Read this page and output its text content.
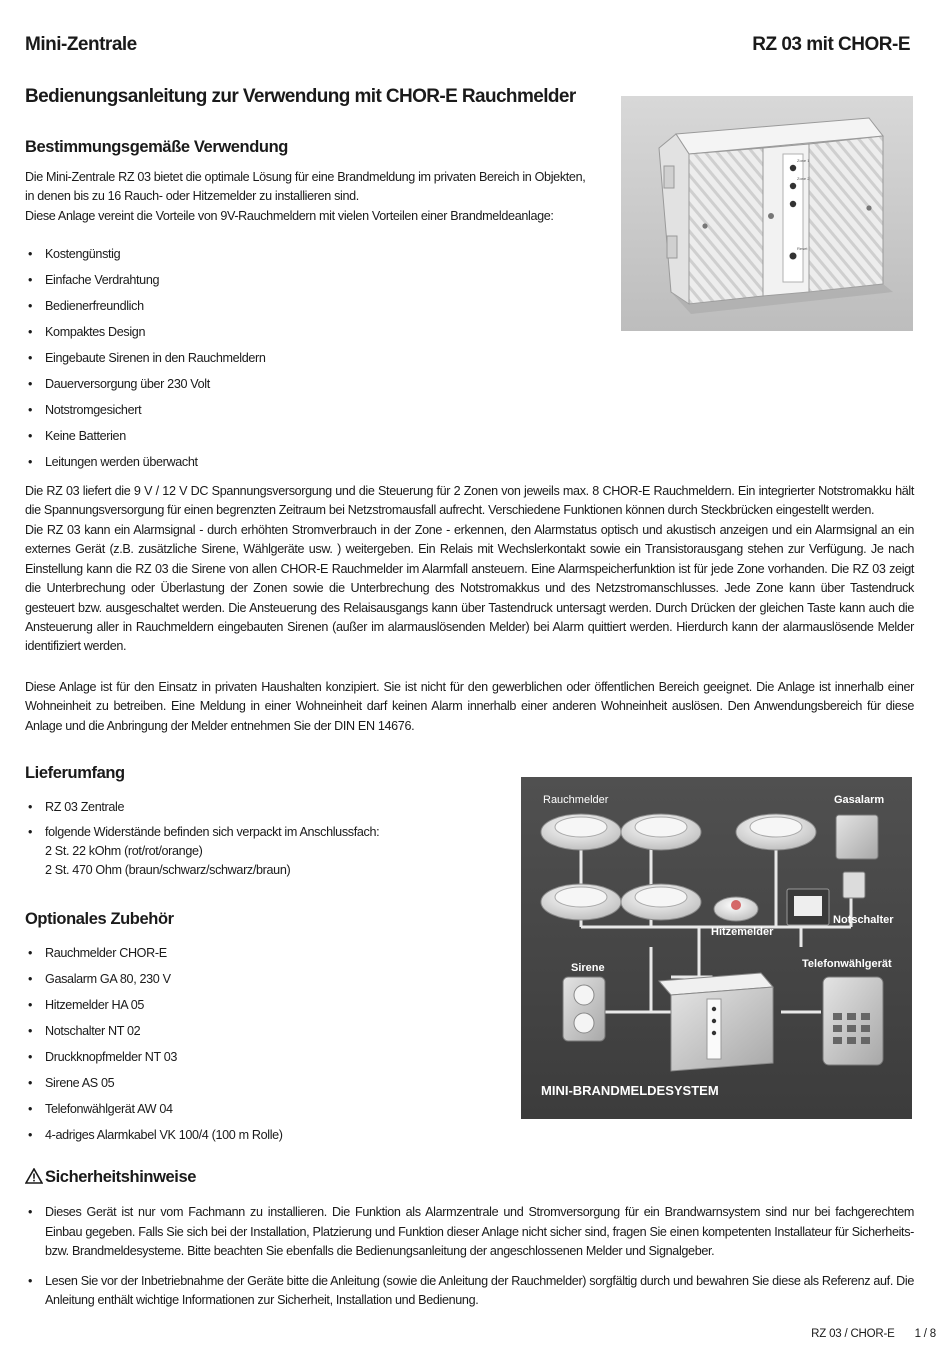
Mini-Zentrale	RZ 03 mit CHOR-E
Bedienungsanleitung zur Verwendung mit CHOR-E Rauchmelder
Bestimmungsgemäße Verwendung
Die Mini-Zentrale RZ 03 bietet die optimale Lösung für eine Brandmeldung im privaten Bereich in Objekten,
in denen bis zu 16 Rauch- oder Hitzemelder zu installieren sind.
Diese Anlage vereint die Vorteile von 9V-Rauchmeldern mit vielen Vorteilen einer Brandmeldeanlage:
• Kostengünstig
• Einfache Verdrahtung
• Bedienerfreundlich
• Kompaktes Design
• Eingebaute Sirenen in den Rauchmeldern
• Dauerversorgung über 230 Volt
• Notstromgesichert
• Keine Batterien
• Leitungen werden überwacht
Zone 1
Zone 2
Reset
Die RZ 03 liefert die 9 V / 12 V DC Spannungsversorgung und die Steuerung für 2 Zonen von jeweils max. 8 CHOR-E Rauchmeldern. Ein integrierter Notstromakku hält die Spannungsversorgung für einen begrenzten Zeitraum bei Netzstromausfall aufrecht. Verschiedene Funktionen können durch Steckbrücken eingestellt werden.
Die RZ 03 kann ein Alarmsignal - durch erhöhten Stromverbrauch in der Zone - erkennen, den Alarmstatus optisch und akustisch anzeigen und ein Alarmsignal an ein externes Gerät (z.B. zusätzliche Sirene, Wählgeräte usw. ) weitergeben. Ein Relais mit Wechslerkontakt sowie ein Transistorausgang stehen zur Verfügung. Je nach Einstellung kann die RZ 03 die Sirene von allen CHOR-E Rauchmelder im Alarmfall ansteuern. Eine Alarmspeicherfunktion ist für jede Zone vorhanden. Die RZ 03 zeigt die Unterbrechung oder Überlastung der Zonen sowie die Unterbrechung des Notstromakkus und des Netzstromanschlusses. Jede Zone kann über Tastendruck gesteuert bzw. ausgeschaltet werden. Die Ansteuerung des Relaisausgangs kann über Tastendruck untersagt werden. Durch Drücken der gleichen Taste kann auch die Ansteuerung aller in Rauchmeldern eingebauten Sirenen (außer im alarmauslösenden Melder) bei Alarm quittiert werden. Hierdurch kann der alarmauslösende Melder identifiziert werden.
Diese Anlage ist für den Einsatz in privaten Haushalten konzipiert. Sie ist nicht für den gewerblichen oder öffentlichen Bereich geeignet. Die Anlage ist innerhalb einer Wohneinheit zu betreiben. Eine Meldung in einer Wohneinheit darf keinen Alarm innerhalb einer anderen Wohneinheit auslösen. Den Anwendungsbereich für diese Anlage und die Anbringung der Melder entnehmen Sie der DIN EN 14676.
Lieferumfang
• RZ 03 Zentrale
• folgende Widerstände befinden sich verpackt im Anschlussfach:
2 St. 22 kOhm (rot/rot/orange)
2 St. 470 Ohm (braun/schwarz/schwarz/braun)
Optionales Zubehör
• Rauchmelder CHOR-E
• Gasalarm GA 80, 230 V
• Hitzemelder HA 05
• Notschalter NT 02
• Druckknopfmelder NT 03
• Sirene AS 05
• Telefonwählgerät AW 04
• 4-adriges Alarmkabel VK 100/4 (100 m Rolle)
Rauchmelder	Gasalarm
Hitzemelder
Notschalter
Telefonwählgerät
Sirene
MINI-BRANDMELDESYSTEM
Sicherheitshinweise
• Dieses Gerät ist nur vom Fachmann zu installieren. Die Funktion als Alarmzentrale und Stromversorgung für ein Brandwarnsystem sind nur bei fachgerechtem Einbau gegeben. Falls Sie sich bei der Installation, Platzierung und Funktion dieser Anlage nicht sicher sind, fragen Sie einen kompetenten Installateur für Sicherheits- bzw. Brandmeldesysteme. Bitte beachten Sie ebenfalls die Bedienungsanleitung der angeschlossenen Melder und Signalgeber.
• Lesen Sie vor der Inbetriebnahme der Geräte bitte die Anleitung (sowie die Anleitung der Rauchmelder) sorgfältig durch und bewahren Sie diese als Referenz auf. Die Anleitung enthält wichtige Informationen zur Sicherheit, Installation und Bedienung.
RZ 03 / CHOR-E 1 / 8
